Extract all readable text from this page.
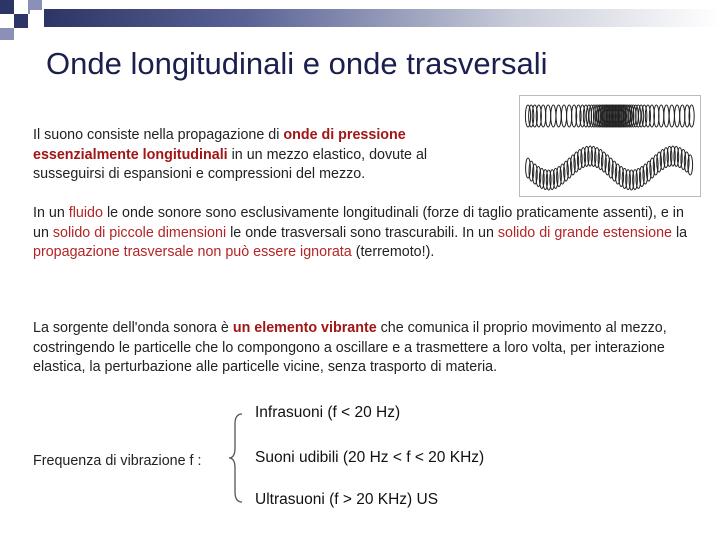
Onde longitudinali e onde trasversali

Il suono consiste nella propagazione di onde di pressione essenzialmente longitudinali in un mezzo elastico, dovute al susseguirsi di espansioni e compressioni del mezzo.

In un fluido le onde sonore sono esclusivamente longitudinali (forze di taglio praticamente assenti), e in un solido di piccole dimensioni le onde trasversali sono trascurabili. In un solido di grande estensione la propagazione trasversale non può essere ignorata (terremoto!).

La sorgente dell'onda sonora è un elemento vibrante che comunica il proprio movimento al mezzo, costringendo le particelle che lo compongono a oscillare e a trasmettere a loro volta, per interazione elastica, la perturbazione alle particelle vicine, senza trasporto di materia.

Frequenza di vibrazione f :
Infrasuoni (f < 20 Hz)
Suoni udibili (20 Hz < f < 20 KHz)
Ultrasuoni (f > 20 KHz) US
